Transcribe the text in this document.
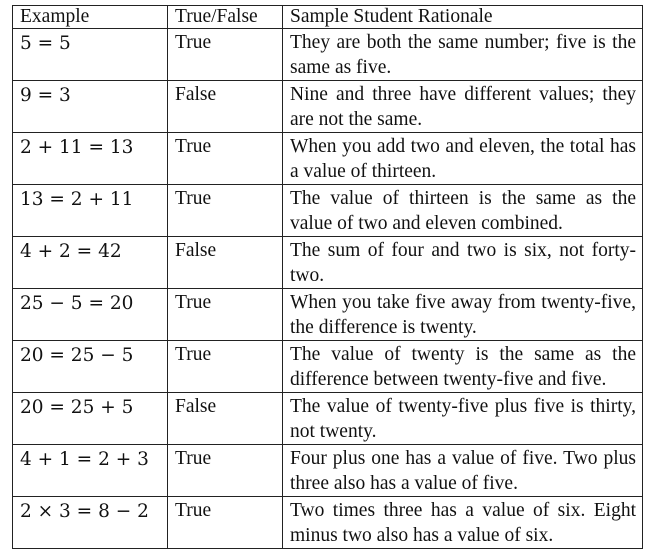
Example	True/False	Sample Student Rationale
5 = 5	True	They are both the same number; five is the same as five.
9 = 3	False	Nine and three have different values; they are not the same.
2 + 11 = 13	True	When you add two and eleven, the total has a value of thirteen.
13 = 2 + 11	True	The value of thirteen is the same as the value of two and eleven combined.
4 + 2 = 42	False	The sum of four and two is six, not forty-two.
25 − 5 = 20	True	When you take five away from twenty-five, the difference is twenty.
20 = 25 − 5	True	The value of twenty is the same as the difference between twenty-five and five.
20 = 25 + 5	False	The value of twenty-five plus five is thirty, not twenty.
4 + 1 = 2 + 3	True	Four plus one has a value of five. Two plus three also has a value of five.
2 × 3 = 8 − 2	True	Two times three has a value of six. Eight minus two also has a value of six.
